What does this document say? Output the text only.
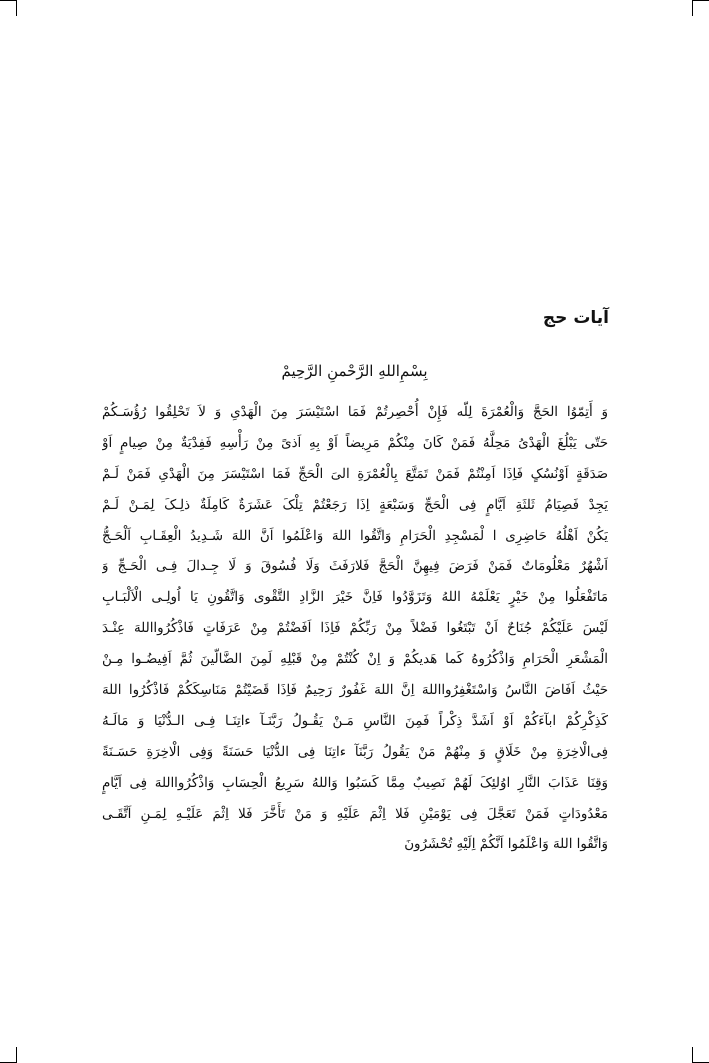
آیات حج
بِسْمِ‌اللهِ الرَّحْمنِ الرَّحِیمْ
وَ أَتِمّوُا الحَجَّ وَالْعُمْرَةَ لِلّه فَإِنْ أُحْصِرتُمْ فَمَا اسْتَیْسَرَ مِنَ الْهَدْیِ وَ لاَ تَحْلِقُوا رُؤُسَـکُمْ
حَتّی یَبْلُغَ الْهَدْیُ مَحِلَّهُ فَمَنْ کَانَ مِنْکُمْ مَرِیضاً اَوْ بِهِ اَذیً مِنْ رَأْسِهِ فَفِدْیَةٌ مِنْ صِیامٍ اَوْ
صَدَقَةٍ اَوْنُسُکٍ فَاِذَا اَمِنْتُمْ فَمَنْ تَمَتَّعَ بِالْعُمْرَةِ الیَ الْحَجِّ فَمَا اسْتَیْسَرَ مِنَ الْهَدْیِ فَمَنْ لَـمْ
یَجِدْ فَصِیَامُ ثَلثَةِ اَیَّامٍ فِی الْحَجِّ وَسَبْعَةٍ اِذَا رَجَعْتُمْ تِلْکَ عَشَرَةٌ کَامِلَةٌ ذلِـکَ لِمَـنْ لَـمْ
یَکُنْ اَهْلُهُ حَاضِرِی ا لْمَسْجِدِ الْحَرَامِ وَاتَّقُوا اللهَ وَاعْلَمُوا اَنَّ اللهَ شَـدِیدُ الْعِقَـابِ اَلْحَـجُّ
اَشْهُرٌ مَعْلُومَاتٌ فَمَنْ فَرَضَ فِیهِنَّ الْحَجَّ فَلارَفَثَ وَلَا فُسُوقَ وَ لَا جِـدالَ فِـی الْحَـجِّ وَ
مَاتَفْعَلُوا مِنْ خَیْرٍ یَعْلَمْهُ اللهُ وَتَزَوَّدُوا فَاِنَّ خَیْرَ الزَّادِ التَّقْوی وَاتَّقُونِ یَا اُولِـی الْاَلْبَـابِ
لَیْسَ عَلَیْکُمْ جُنَاحٌ اَنْ تَبْتَغُوا فَضْلاً مِنْ رَبِّکُمْ فَاِذَا اَفَضْتُمْ مِنْ عَرَفَاتٍ فَاذْکُرُوااللهَ عِنْـدَ
الْمَشْعَرِ الْحَرَامِ وَاذْکُرُوهُ کَما هَدیکُمْ وَ اِنْ کُنْتُمْ مِنْ قَبْلِهِ لَمِنَ الضَّالّینَ ثُمَّ اَفِیضُـوا مِـنْ
حَیْثُ اَفَاضَ النَّاسُ وَاسْتَغْفِرُوااللهَ اِنَّ اللهَ غَفُورٌ رَحِیمٌ فَاِذَا قَضَیْتُمْ مَنَاسِکَکُمْ فَاذْکُرُوا اللهَ
کَذِکْرِکُمْ ابآءَکُمْ اَوْ اَشَدَّ ذِکْراً فَمِنَ النَّاسِ مَـنْ یَقُـولُ رَبَّنَـآ ءاتِنَـا فِـی الـدُّنْیَا وَ مَالَـهُ
فِی‌الْاخِرَةِ مِنْ خَلَاقٍ وَ مِنْهُمْ مَنْ یَقُولُ رَبَّنَآ ءاتِنَا فِی الدُّنْیَا حَسَنَةً وَفِی الْاخِرَةِ حَسَـنَةً
وَقِنَا عَذَابَ النَّارِ اوُلئِکَ لَهُمْ نَصِیبٌ مِمَّا کَسَبُوا وَاللهُ سَرِیعُ الْحِسَابِ وَاذْکُرُوااللهَ فِی اَیَّامٍ
مَعْدُودَاتٍ فَمَنْ تَعَجَّلَ فِی یَوْمَیْنِ فَلا اِثْمَ عَلَیْهِ وَ مَنْ تَأَخَّرَ فَلا اِثْمَ عَلَیْـهِ لِمَـنِ اَتَّقَـی
وَاتَّقُوا اللهَ وَاعْلَمُوا اَنَّکُمْ اِلَیْهِ تُحْشَرُونَ
